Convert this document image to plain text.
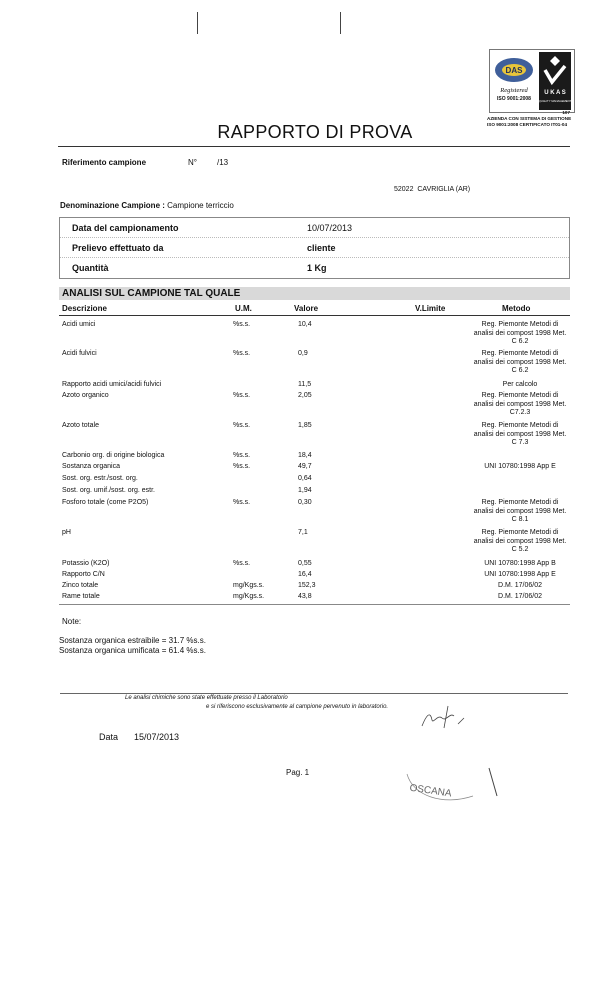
DAS
Registered
ISO 9001:2008
U K A S
QUALITY MANAGEMENT
107
AZIENDA CON SISTEMA DI GESTIONE
ISO 9001:2008 CERTIFICATO IT01-04
RAPPORTO DI PROVA
Riferimento campione	N°	/13
52022 CAVRIGLIA (AR)
Denominazione Campione : Campione terriccio
Data del campionamento	10/07/2013
Prelievo effettuato da	cliente
Quantità	1 Kg
ANALISI SUL CAMPIONE TAL QUALE
Descrizione	U.M.	Valore	V.Limite	Metodo
Acidi umici	%s.s.	10,4	Reg. Piemonte Metodi di
analisi dei compost 1998 Met.
C 6.2
Acidi fulvici	%s.s.	0,9	Reg. Piemonte Metodi di
analisi dei compost 1998 Met.
C 6.2
Rapporto acidi umici/acidi fulvici	11,5	Per calcolo
Azoto organico	%s.s.	2,05	Reg. Piemonte Metodi di
analisi dei compost 1998 Met.
C7.2.3
Azoto totale	%s.s.	1,85	Reg. Piemonte Metodi di
analisi dei compost 1998 Met.
C 7.3
Carbonio org. di origine biologica	%s.s.	18,4
Sostanza organica	%s.s.	49,7	UNI 10780:1998 App E
Sost. org. estr./sost. org.	0,64
Sost. org. umif./sost. org. estr.	1,94
Fosforo totale (come P2O5)	%s.s.	0,30	Reg. Piemonte Metodi di
analisi dei compost 1998 Met.
C 8.1
pH	7,1	Reg. Piemonte Metodi di
analisi dei compost 1998 Met.
C 5.2
Potassio (K2O)	%s.s.	0,55	UNI 10780:1998 App B
Rapporto C/N	16,4	UNI 10780:1998 App E
Zinco totale	mg/Kgs.s.	152,3	D.M. 17/06/02
Rame totale	mg/Kgs.s.	43,8	D.M. 17/06/02
Note:
Sostanza organica estraibile = 31.7 %s.s.
Sostanza organica umificata = 61.4 %s.s.
Le analisi chimiche sono state effettuate presso il Laboratorio
e si riferiscono esclusivamente al campione pervenuto in laboratorio.
Data 15/07/2013
Pag. 1
OSCANA
